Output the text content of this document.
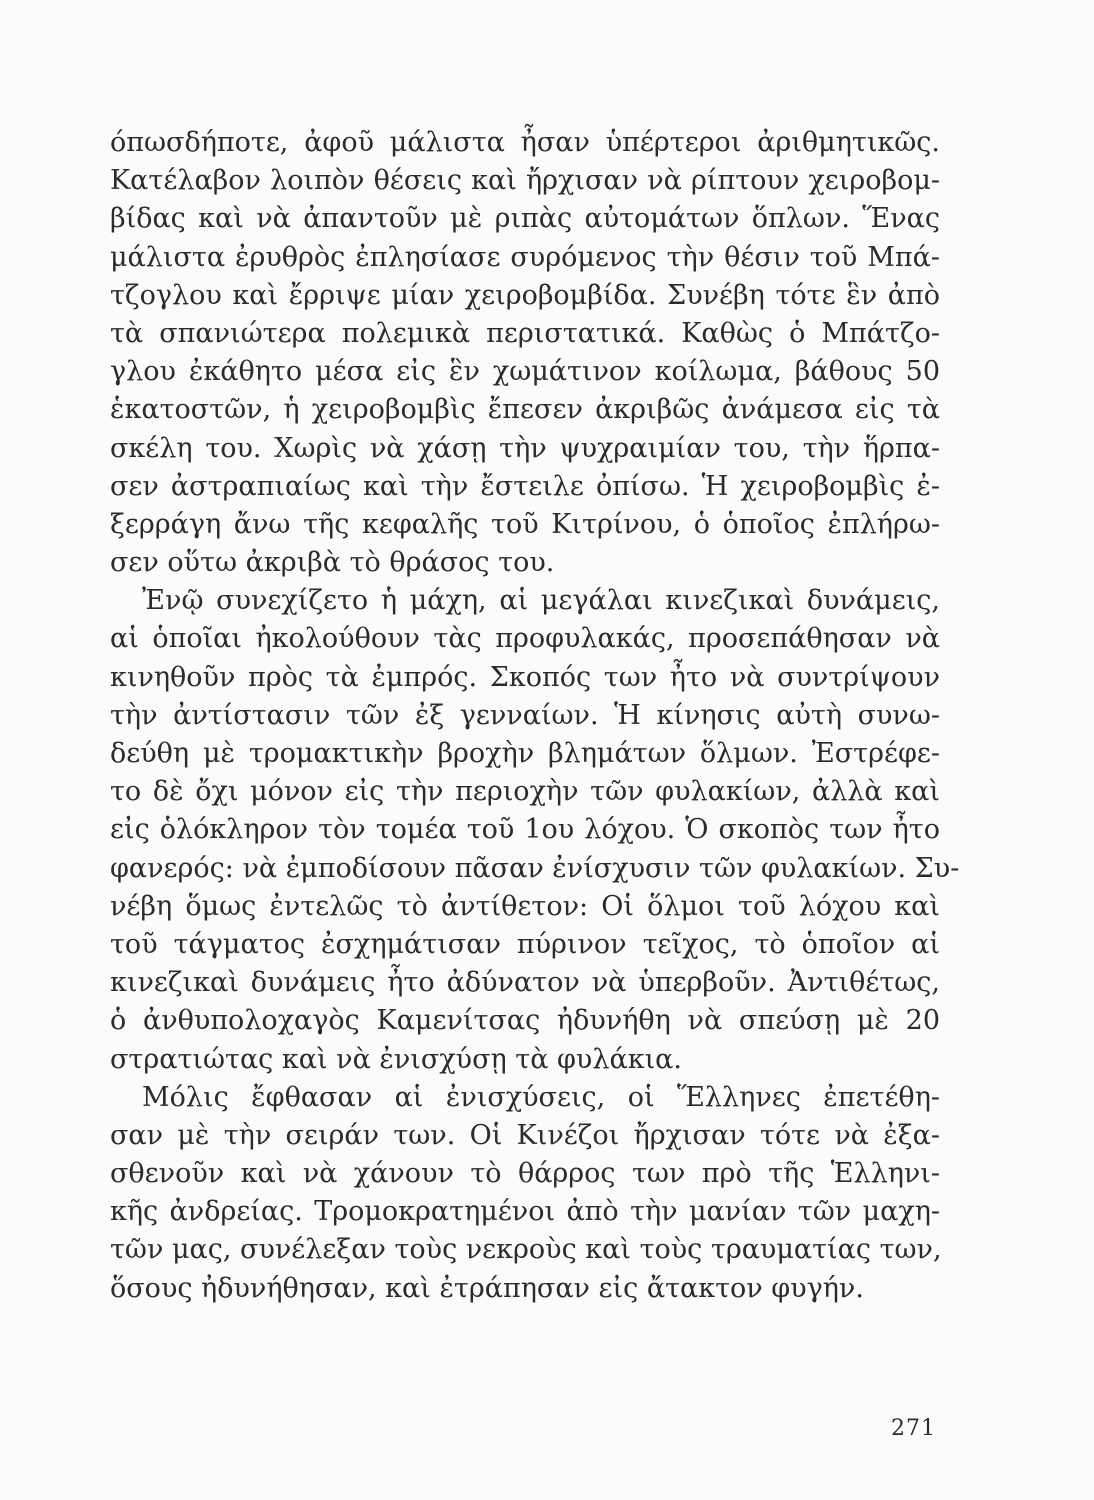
όπωσδήποτε, ἀφοῦ μάλιστα ἦσαν ὑπέρτεροι ἀριθμητικῶς.
Κατέλαβον λοιπὸν θέσεις καὶ ἤρχισαν νὰ ρίπτουν χειροβομ-
βίδας καὶ νὰ ἀπαντοῦν μὲ ριπὰς αὐτομάτων ὅπλων. Ἕνας
μάλιστα ἐρυθρὸς ἐπλησίασε συρόμενος τὴν θέσιν τοῦ Μπά-
τζογλου καὶ ἔρριψε μίαν χειροβομβίδα. Συνέβη τότε ἓν ἀπὸ
τὰ σπανιώτερα πολεμικὰ περιστατικά. Καθὼς ὁ Μπάτζο-
γλου ἐκάθητο μέσα εἰς ἓν χωμάτινον κοίλωμα, βάθους 50
ἑκατοστῶν, ἡ χειροβομβὶς ἔπεσεν ἀκριβῶς ἀνάμεσα εἰς τὰ
σκέλη του. Χωρὶς νὰ χάσῃ τὴν ψυχραιμίαν του, τὴν ἥρπα-
σεν ἀστραπιαίως καὶ τὴν ἔστειλε ὀπίσω. Ἡ χειροβομβὶς ἐ-
ξερράγη ἄνω τῆς κεφαλῆς τοῦ Κιτρίνου, ὁ ὁποῖος ἐπλήρω-
σεν οὕτω ἀκριβὰ τὸ θράσος του.
Ἐνῷ συνεχίζετο ἡ μάχη, αἱ μεγάλαι κινεζικαὶ δυνάμεις,
αἱ ὁποῖαι ἠκολούθουν τὰς προφυλακάς, προσεπάθησαν νὰ
κινηθοῦν πρὸς τὰ ἐμπρός. Σκοπός των ἦτο νὰ συντρίψουν
τὴν ἀντίστασιν τῶν ἐξ γενναίων. Ἡ κίνησις αὐτὴ συνω-
δεύθη μὲ τρομακτικὴν βροχὴν βλημάτων ὅλμων. Ἐστρέφε-
το δὲ ὄχι μόνον εἰς τὴν περιοχὴν τῶν φυλακίων, ἀλλὰ καὶ
εἰς ὁλόκληρον τὸν τομέα τοῦ 1ου λόχου. Ὁ σκοπὸς των ἦτο
φανερός: νὰ ἐμποδίσουν πᾶσαν ἐνίσχυσιν τῶν φυλακίων. Συ-
νέβη ὅμως ἐντελῶς τὸ ἀντίθετον: Οἱ ὅλμοι τοῦ λόχου καὶ
τοῦ τάγματος ἐσχημάτισαν πύρινον τεῖχος, τὸ ὁποῖον αἱ
κινεζικαὶ δυνάμεις ἦτο ἀδύνατον νὰ ὑπερβοῦν. Ἀντιθέτως,
ὁ ἀνθυπολοχαγὸς Καμενίτσας ἠδυνήθη νὰ σπεύσῃ μὲ 20
στρατιώτας καὶ νὰ ἐνισχύσῃ τὰ φυλάκια.
Μόλις ἔφθασαν αἱ ἐνισχύσεις, οἱ Ἕλληνες ἐπετέθη-
σαν μὲ τὴν σειράν των. Οἱ Κινέζοι ἤρχισαν τότε νὰ ἐξα-
σθενοῦν καὶ νὰ χάνουν τὸ θάρρος των πρὸ τῆς Ἑλληνι-
κῆς ἀνδρείας. Τρομοκρατημένοι ἀπὸ τὴν μανίαν τῶν μαχη-
τῶν μας, συνέλεξαν τοὺς νεκροὺς καὶ τοὺς τραυματίας των,
ὅσους ἠδυνήθησαν, καὶ ἐτράπησαν εἰς ἄτακτον φυγήν.
271
